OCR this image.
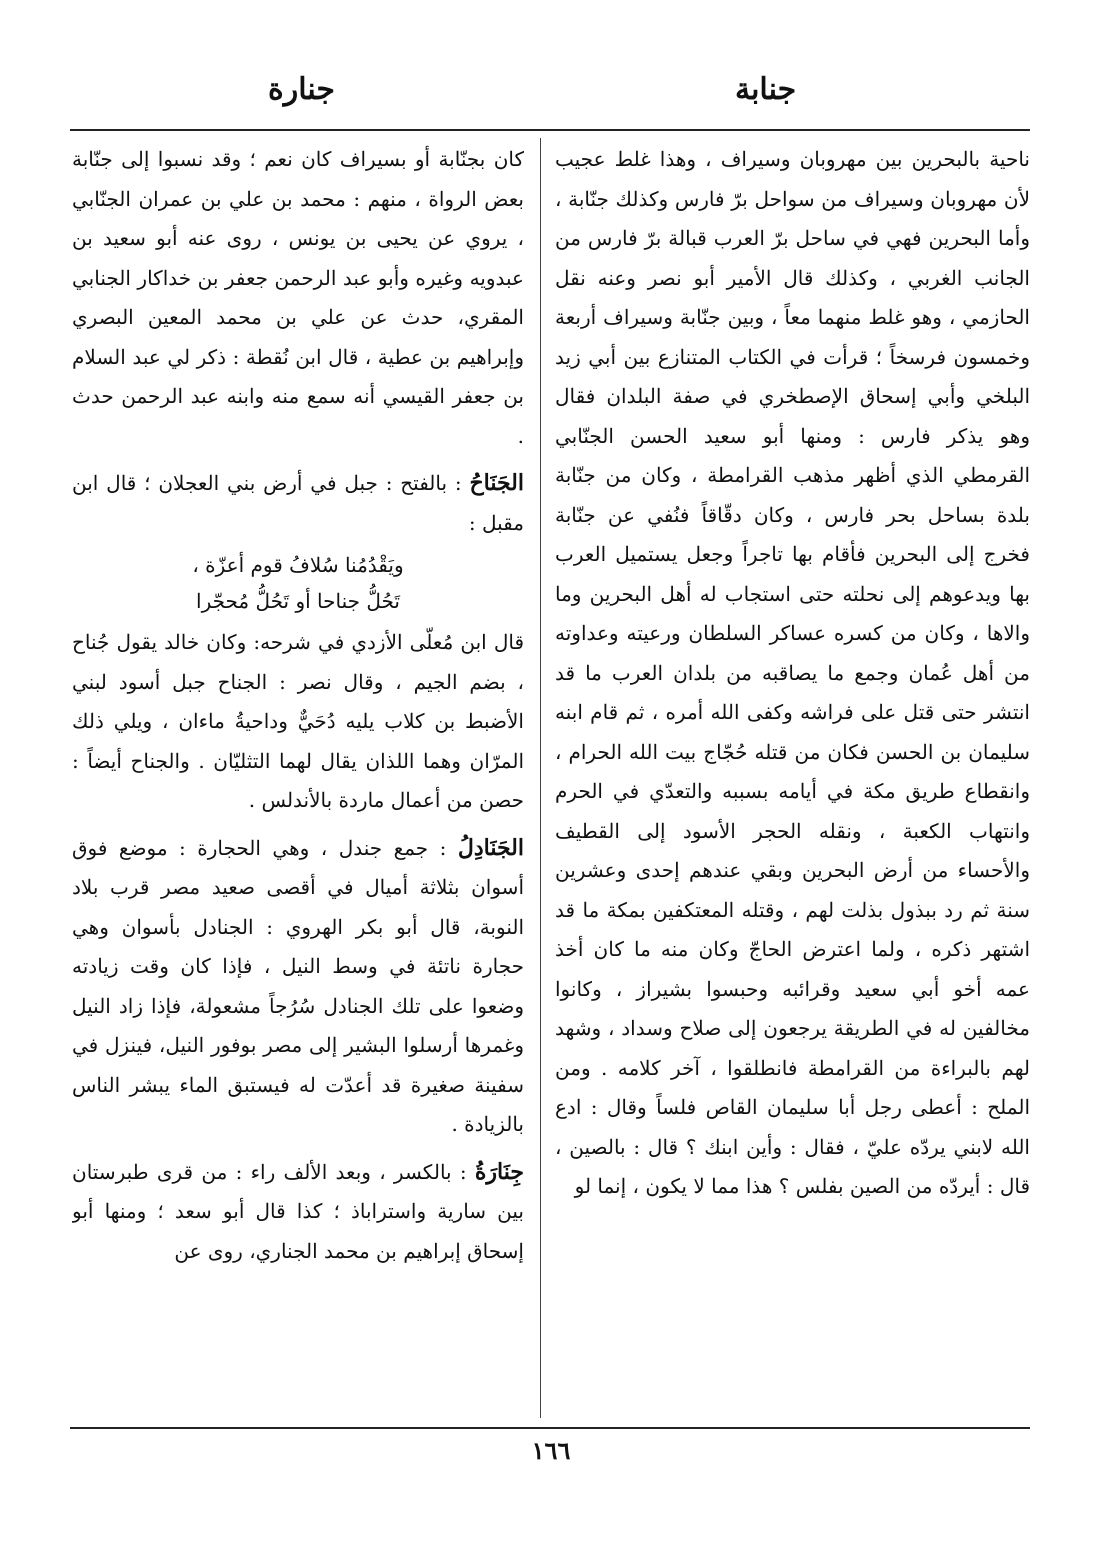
جنابة
جنارة

ناحية بالبحرين بين مهروبان وسيراف ، وهذا غلط عجيب لأن مهروبان وسيراف من سواحل برّ فارس وكذلك جنّابة ، وأما البحرين فهي في ساحل برّ العرب قبالة برّ فارس من الجانب الغربي ، وكذلك قال الأمير أبو نصر وعنه نقل الحازمي ، وهو غلط منهما معاً ، وبين جنّابة وسيراف أربعة وخمسون فرسخاً ؛ قرأت في الكتاب المتنازع بين أبي زيد البلخي وأبي إسحاق الإصطخري في صفة البلدان فقال وهو يذكر فارس : ومنها أبو سعيد الحسن الجنّابي القرمطي الذي أظهر مذهب القرامطة ، وكان من جنّابة بلدة بساحل بحر فارس ، وكان دقّاقاً فنُفي عن جنّابة فخرج إلى البحرين فأقام بها تاجراً وجعل يستميل العرب بها ويدعوهم إلى نحلته حتى استجاب له أهل البحرين وما والاها ، وكان من كسره عساكر السلطان ورعيته وعداوته من أهل عُمان وجمع ما يصاقبه من بلدان العرب ما قد انتشر حتى قتل على فراشه وكفى الله أمره ، ثم قام ابنه سليمان بن الحسن فكان من قتله حُجّاج بيت الله الحرام ، وانقطاع طريق مكة في أيامه بسببه والتعدّي في الحرم وانتهاب الكعبة ، ونقله الحجر الأسود إلى القطيف والأحساء من أرض البحرين وبقي عندهم إحدى وعشرين سنة ثم رد ببذول بذلت لهم ، وقتله المعتكفين بمكة ما قد اشتهر ذكره ، ولما اعترض الحاجّ وكان منه ما كان أخذ عمه أخو أبي سعيد وقرائبه وحبسوا بشيراز ، وكانوا مخالفين له في الطريقة يرجعون إلى صلاح وسداد ، وشهد لهم بالبراءة من القرامطة فانطلقوا ، آخر كلامه . ومن الملح : أعطى رجل أبا سليمان القاص فلساً وقال : ادع الله لابني يردّه عليّ ، فقال : وأين ابنك ؟ قال : بالصين ، قال : أيردّه من الصين بفلس ؟ هذا مما لا يكون ، إنما لو

كان بجنّابة أو بسيراف كان نعم ؛ وقد نسبوا إلى جنّابة بعض الرواة ، منهم : محمد بن علي بن عمران الجنّابي ، يروي عن يحيى بن يونس ، روى عنه أبو سعيد بن عبدويه وغيره وأبو عبد الرحمن جعفر بن خداكار الجنابي المقري، حدث عن علي بن محمد المعين البصري وإبراهيم بن عطية ، قال ابن نُقطة : ذكر لي عبد السلام بن جعفر القيسي أنه سمع منه وابنه عبد الرحمن حدث .

الجَنَاحُ : بالفتح : جبل في أرض بني العجلان ؛ قال ابن مقبل :

ويَقْدُمُنا سُلافُ قوم أعزّة ،
تَحُلُّ جناحا أو تَحُلُّ مُحجّرا

قال ابن مُعلّى الأزدي في شرحه: وكان خالد يقول جُناح ، بضم الجيم ، وقال نصر : الجناح جبل أسود لبني الأضبط بن كلاب يليه دُحَيٌّ وداحيةُ ماءان ، ويلي ذلك المرّان وهما اللذان يقال لهما التثليّان . والجناح أيضاً : حصن من أعمال ماردة بالأندلس .

الجَنَادِلُ : جمع جندل ، وهي الحجارة : موضع فوق أسوان بثلاثة أميال في أقصى صعيد مصر قرب بلاد النوبة، قال أبو بكر الهروي : الجنادل بأسوان وهي حجارة ناتئة في وسط النيل ، فإذا كان وقت زيادته وضعوا على تلك الجنادل سُرُجاً مشعولة، فإذا زاد النيل وغمرها أرسلوا البشير إلى مصر بوفور النيل، فينزل في سفينة صغيرة قد أعدّت له فيستبق الماء يبشر الناس بالزيادة .

جِنَارَةُ : بالكسر ، وبعد الألف راء : من قرى طبرستان بين سارية واستراباذ ؛ كذا قال أبو سعد ؛ ومنها أبو إسحاق إبراهيم بن محمد الجناري، روى عن

١٦٦
